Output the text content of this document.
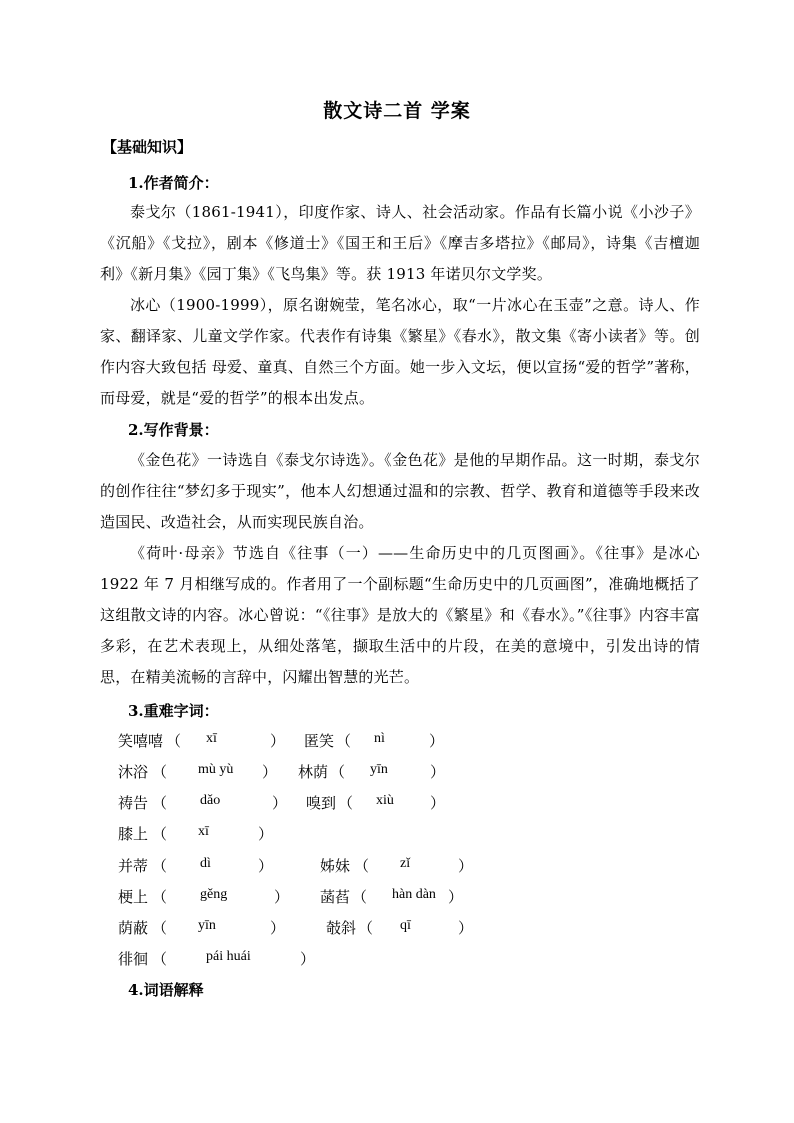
散文诗二首 学案
【基础知识】
1.作者简介：
泰戈尔（1861-1941），印度作家、诗人、社会活动家。作品有长篇小说《小沙子》《沉船》《戈拉》，剧本《修道士》《国王和王后》《摩吉多塔拉》《邮局》，诗集《吉檀迦利》《新月集》《园丁集》《飞鸟集》等。获 1913 年诺贝尔文学奖。
冰心（1900-1999），原名谢婉莹，笔名冰心，取“一片冰心在玉壶”之意。诗人、作家、翻译家、儿童文学作家。代表作有诗集《繁星》《春水》，散文集《寄小读者》等。创作内容大致包括 母爱、童真、自然三个方面。她一步入文坛，便以宣扬“爱的哲学”著称，而母爱，就是“爱的哲学”的根本出发点。
2.写作背景：
《金色花》一诗选自《泰戈尔诗选》。《金色花》是他的早期作品。这一时期，泰戈尔的创作往往“梦幻多于现实”，他本人幻想通过温和的宗教、哲学、教育和道德等手段来改造国民、改造社会，从而实现民族自治。
《荷叶·母亲》节选自《往事（一）——生命历史中的几页图画》。《往事》是冰心 1922 年 7 月相继写成的。作者用了一个副标题“生命历史中的几页画图”，准确地概括了这组散文诗的内容。冰心曾说：“《往事》是放大的《繁星》和《春水》。”《往事》内容丰富多彩，在艺术表现上，从细处落笔，撷取生活中的片段，在美的意境中，引发出诗的情思，在精美流畅的言辞中，闪耀出智慧的光芒。
3.重难字词：
笑嘻嘻 （ xī	） 匿笑 （ nì	）
沐浴 （ mù yù ） 林荫 （ yīn	）
祷告 （ dǎo	） 嗅到 （ xiù ）
膝上 （ xī	）
并蒂 （ dì	）	姊妹 （ zǐ	）
梗上 （ gěng	） 菡萏 （ hàn dàn ）
荫蔽 （ yīn	）	攲斜 （ qī	）
徘徊 （	pái huái	）
4.词语解释
